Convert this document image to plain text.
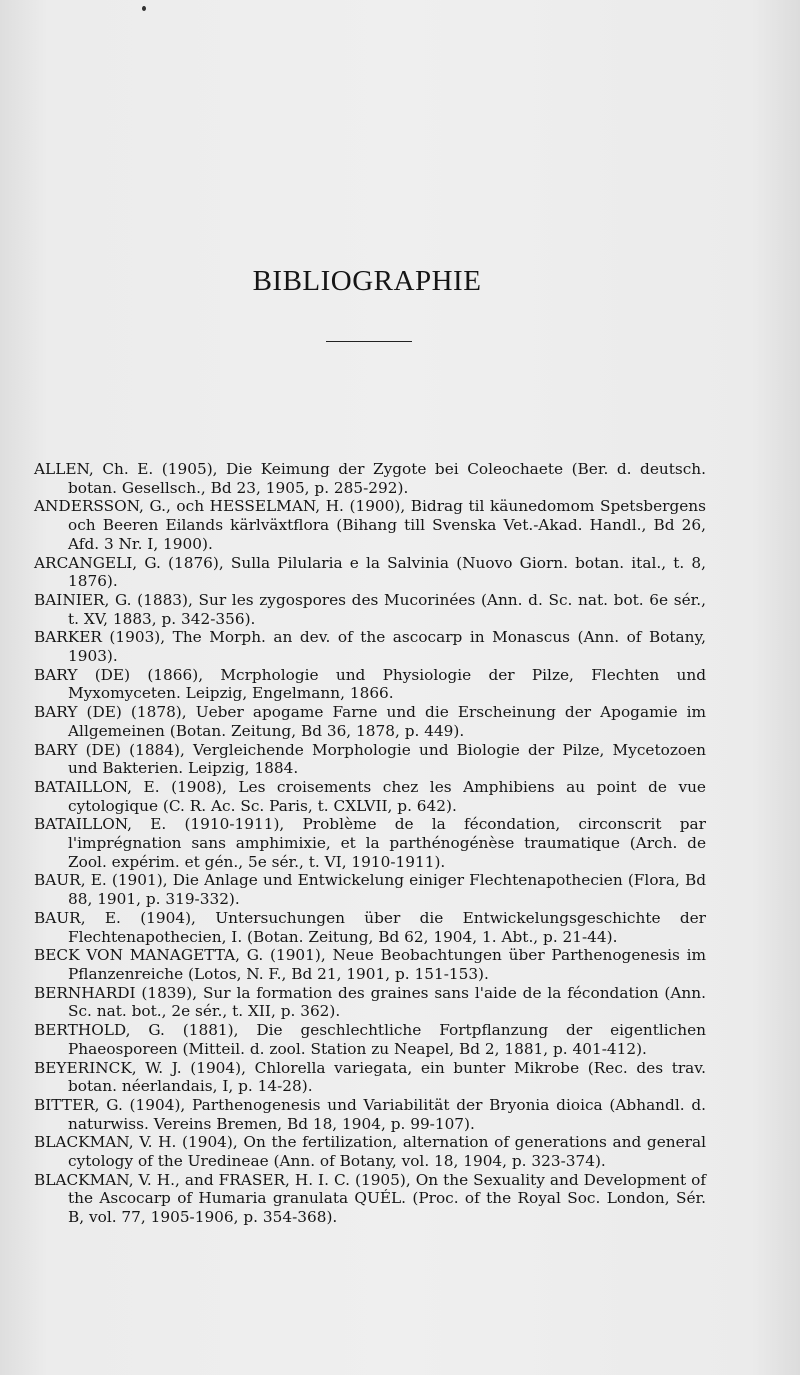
BIBLIOGRAPHIE

ALLEN, Ch. E. (1905), Die Keimung der Zygote bei Coleochaete (Ber. d. deutsch. botan. Gesellsch., Bd 23, 1905, p. 285-292).

ANDERSSON, G., och HESSELMAN, H. (1900), Bidrag til käunedomom Spetsbergens och Beeren Eilands kärlväxtflora (Bihang till Svenska Vet.-Akad. Handl., Bd 26, Afd. 3 Nr. I, 1900).

ARCANGELI, G. (1876), Sulla Pilularia e la Salvinia (Nuovo Giorn. botan. ital., t. 8, 1876).

BAINIER, G. (1883), Sur les zygospores des Mucorinées (Ann. d. Sc. nat. bot. 6e sér., t. XV, 1883, p. 342-356).

BARKER (1903), The Morph. an dev. of the ascocarp in Monascus (Ann. of Botany, 1903).

BARY (DE) (1866), Mcrphologie und Physiologie der Pilze, Flechten und Myxomyceten. Leipzig, Engelmann, 1866.

BARY (DE) (1878), Ueber apogame Farne und die Erscheinung der Apogamie im Allgemeinen (Botan. Zeitung, Bd 36, 1878, p. 449).

BARY (DE) (1884), Vergleichende Morphologie und Biologie der Pilze, Mycetozoen und Bakterien. Leipzig, 1884.

BATAILLON, E. (1908), Les croisements chez les Amphibiens au point de vue cytologique (C. R. Ac. Sc. Paris, t. CXLVII, p. 642).

BATAILLON, E. (1910-1911), Problème de la fécondation, circonscrit par l'imprégnation sans amphimixie, et la parthénogénèse traumatique (Arch. de Zool. expérim. et gén., 5e sér., t. VI, 1910-1911).

BAUR, E. (1901), Die Anlage und Entwickelung einiger Flechtenapothecien (Flora, Bd 88, 1901, p. 319-332).

BAUR, E. (1904), Untersuchungen über die Entwickelungsgeschichte der Flechtenapothecien, I. (Botan. Zeitung, Bd 62, 1904, 1. Abt., p. 21-44).

BECK VON MANAGETTA, G. (1901), Neue Beobachtungen über Parthenogenesis im Pflanzenreiche (Lotos, N. F., Bd 21, 1901, p. 151-153).

BERNHARDI (1839), Sur la formation des graines sans l'aide de la fécondation (Ann. Sc. nat. bot., 2e sér., t. XII, p. 362).

BERTHOLD, G. (1881), Die geschlechtliche Fortpflanzung der eigentlichen Phaeosporeen (Mitteil. d. zool. Station zu Neapel, Bd 2, 1881, p. 401-412).

BEYERINCK, W. J. (1904), Chlorella variegata, ein bunter Mikrobe (Rec. des trav. botan. néerlandais, I, p. 14-28).

BITTER, G. (1904), Parthenogenesis und Variabilität der Bryonia dioica (Abhandl. d. naturwiss. Vereins Bremen, Bd 18, 1904, p. 99-107).

BLACKMAN, V. H. (1904), On the fertilization, alternation of generations and general cytology of the Uredineae (Ann. of Botany, vol. 18, 1904, p. 323-374).

BLACKMAN, V. H., and FRASER, H. I. C. (1905), On the Sexuality and Development of the Ascocarp of Humaria granulata QUÉL. (Proc. of the Royal Soc. London, Sér. B, vol. 77, 1905-1906, p. 354-368).
